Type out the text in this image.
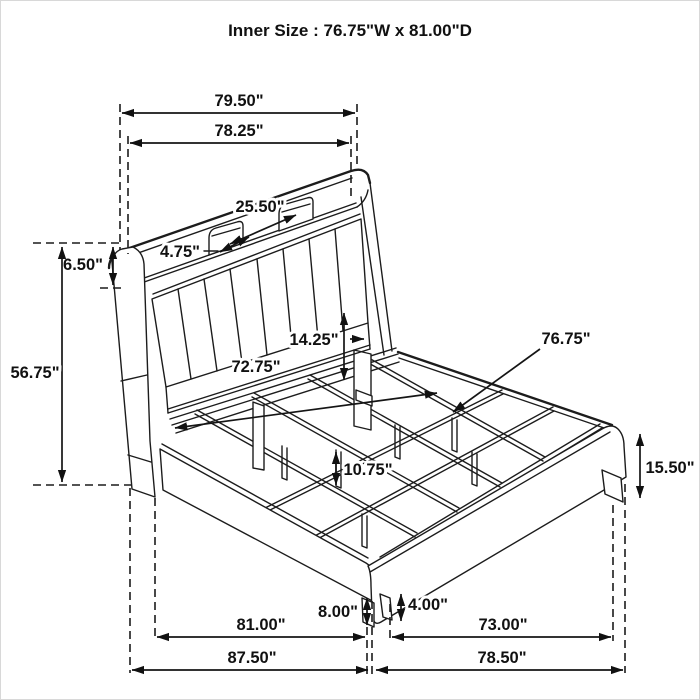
79.50"
78.25"
6.50"
56.75"
4.75"
25.50"
14.25"
72.75"
76.75"
10.75"	15.50"
8.00"	4.00"
81.00"	73.00"
87.50"	78.50"
Inner Size : 76.75"W x 81.00"D
